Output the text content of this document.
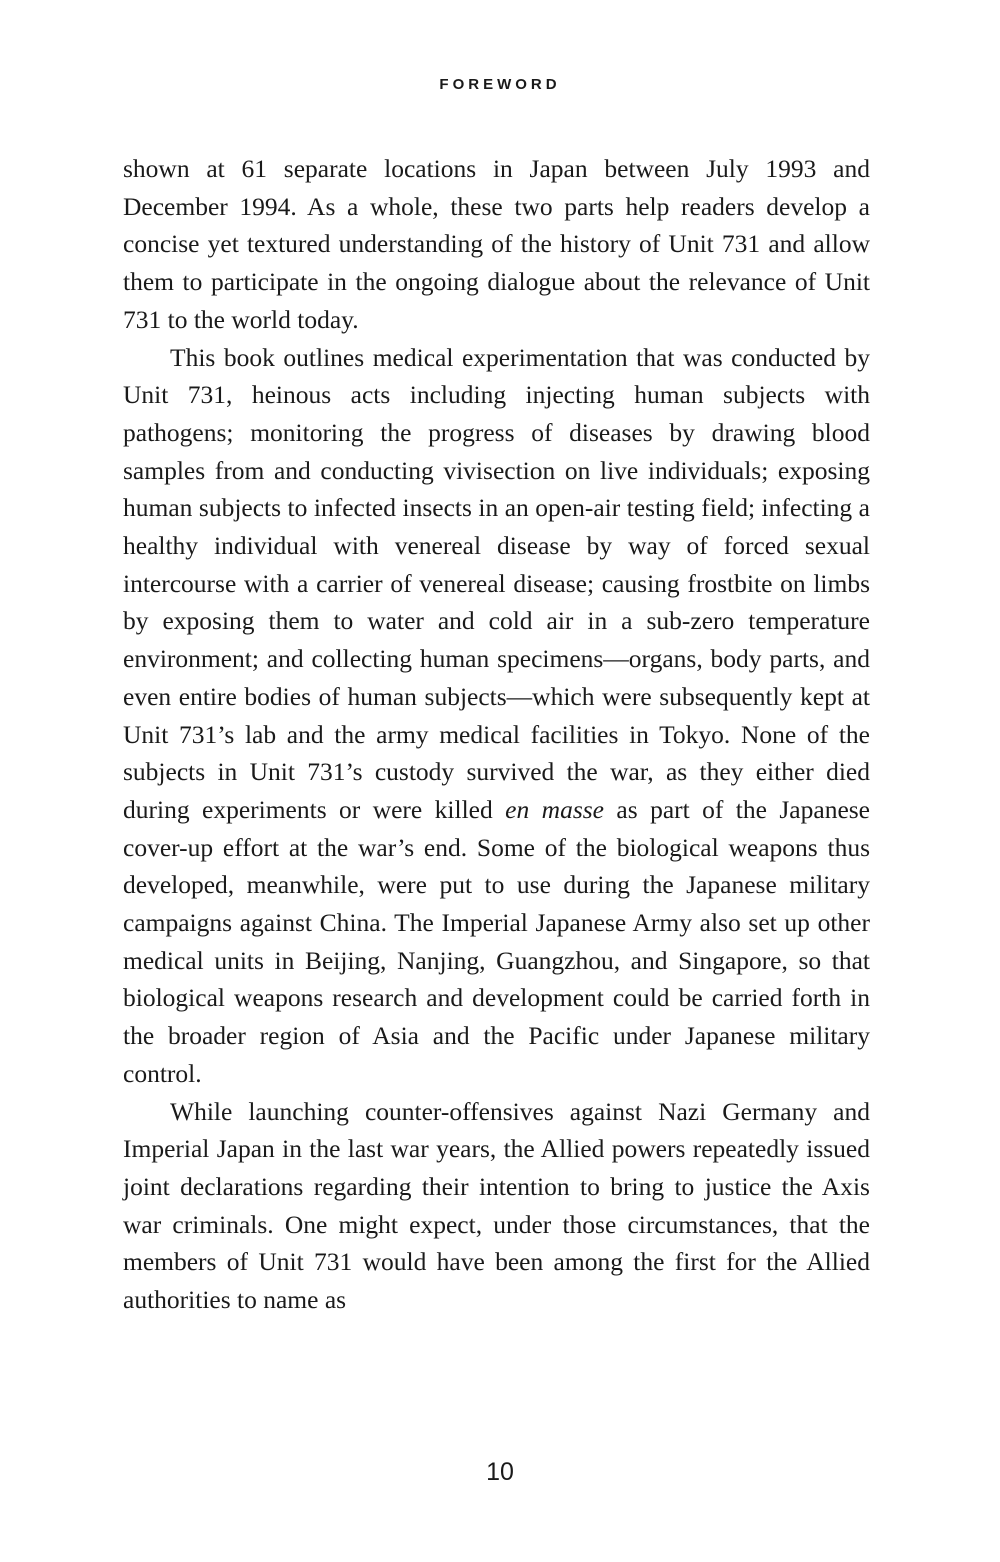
FOREWORD

shown at 61 separate locations in Japan between July 1993 and December 1994. As a whole, these two parts help readers develop a concise yet textured understanding of the history of Unit 731 and allow them to participate in the ongoing dialogue about the relevance of Unit 731 to the world today.

This book outlines medical experimentation that was conducted by Unit 731, heinous acts including injecting human subjects with pathogens; monitoring the progress of diseases by drawing blood samples from and conducting vivisection on live individuals; exposing human subjects to infected insects in an open-air testing field; infecting a healthy individual with venereal disease by way of forced sexual intercourse with a carrier of venereal disease; causing frostbite on limbs by exposing them to water and cold air in a sub-zero temperature environment; and collecting human specimens—organs, body parts, and even entire bodies of human subjects—which were subsequently kept at Unit 731’s lab and the army medical facilities in Tokyo. None of the subjects in Unit 731’s custody survived the war, as they either died during experiments or were killed en masse as part of the Japanese cover-up effort at the war’s end. Some of the biological weapons thus developed, meanwhile, were put to use during the Japanese military campaigns against China. The Imperial Japanese Army also set up other medical units in Beijing, Nanjing, Guangzhou, and Singapore, so that biological weapons research and development could be carried forth in the broader region of Asia and the Pacific under Japanese military control.

While launching counter-offensives against Nazi Germany and Imperial Japan in the last war years, the Allied powers repeatedly issued joint declarations regarding their intention to bring to justice the Axis war criminals. One might expect, under those circumstances, that the members of Unit 731 would have been among the first for the Allied authorities to name as

10
